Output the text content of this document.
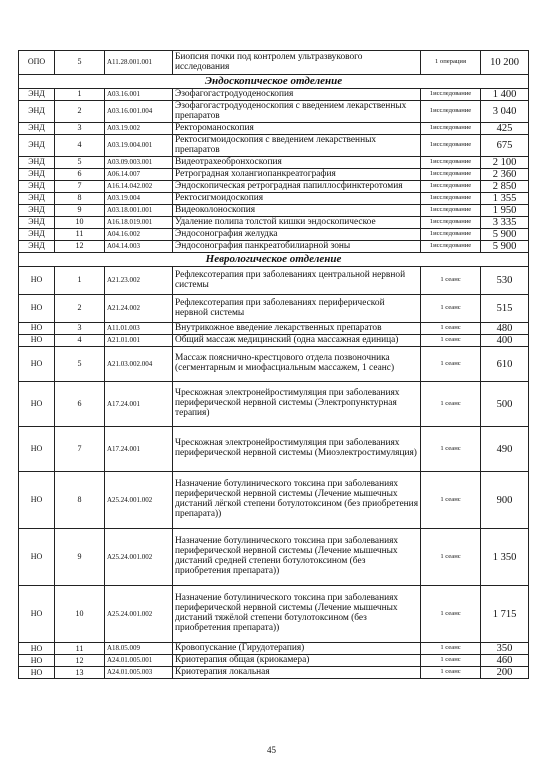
ОПО	5	A11.28.001.001	Биопсия почки под контролем ультразвукового исследования	1 операция	10 200
Эндоскопическое отделение					
ЭНД	1	A03.16.001	Эзофагогастродуоденоскопия	1исследование	1 400
ЭНД	2	A03.16.001.004	Эзофагогастродуоденоскопия с введением лекарственных препаратов	1исследование	3 040
ЭНД	3	A03.19.002	Ректороманоскопия	1исследование	425
ЭНД	4	A03.19.004.001	Ректосигмоидоскопия с введением лекарственных препаратов	1исследование	675
ЭНД	5	A03.09.003.001	Видеотрахеобронхоскопия	1исследование	2 100
ЭНД	6	A06.14.007	Ретроградная холангиопанкреатография	1исследование	2 360
ЭНД	7	A16.14.042.002	Эндоскопическая ретроградная папиллосфинктеротомия	1исследование	2 850
ЭНД	8	A03.19.004	Ректосигмоидоскопия	1исследование	1 355
ЭНД	9	A03.18.001.001	Видеоколоноскопия	1исследование	1 950
ЭНД	10	A16.18.019.001	Удаление полипа толстой кишки эндоскопическое	1исследование	3 335
ЭНД	11	A04.16.002	Эндосонография желудка	1исследование	5 900
ЭНД	12	A04.14.003	Эндосонография панкреатобилиарной зоны	1исследование	5 900
Неврологическое отделение					
НО	1	A21.23.002	Рефлексотерапия при заболеваниях центральной нервной системы	1 сеанс	530
НО	2	A21.24.002	Рефлексотерапия при заболеваниях периферической нервной системы	1 сеанс	515
НО	3	A11.01.003	Внутрикожное введение лекарственных препаратов	1 сеанс	480
НО	4	A21.01.001	Общий массаж медицинский (одна массажная единица)	1 сеанс	400
НО	5	A21.03.002.004	Массаж пояснично-крестцового отдела позвоночника (сегментарным и миофасциальным массажем, 1 сеанс)	1 сеанс	610
НО	6	A17.24.001	Чрескожная электронейростимуляция при заболеваниях периферической нервной системы (Электропунктурная терапия)	1 сеанс	500
НО	7	A17.24.001	Чрескожная электронейростимуляция при заболеваниях периферической нервной системы (Миоэлектростимуляция)	1 сеанс	490
НО	8	A25.24.001.002	Назначение ботулинического токсина при заболеваниях периферической нервной системы (Лечение мышечных дистаний лёгкой степени ботулотоксином (без приобретения препарата))	1 сеанс	900
НО	9	A25.24.001.002	Назначение ботулинического токсина при заболеваниях периферической нервной системы (Лечение мышечных дистаний средней степени ботулотоксином (без приобретения препарата))	1 сеанс	1 350
НО	10	A25.24.001.002	Назначение ботулинического токсина при заболеваниях периферической нервной системы (Лечение мышечных дистаний тяжёлой степени ботулотоксином (без приобретения препарата))	1 сеанс	1 715
НО	11	A18.05.009	Кровопускание (Гирудотерапия)	1 сеанс	350
НО	12	A24.01.005.001	Криотерапия общая (криокамера)	1 сеанс	460
НО	13	A24.01.005.003	Криотерапия локальная	1 сеанс	200
45
